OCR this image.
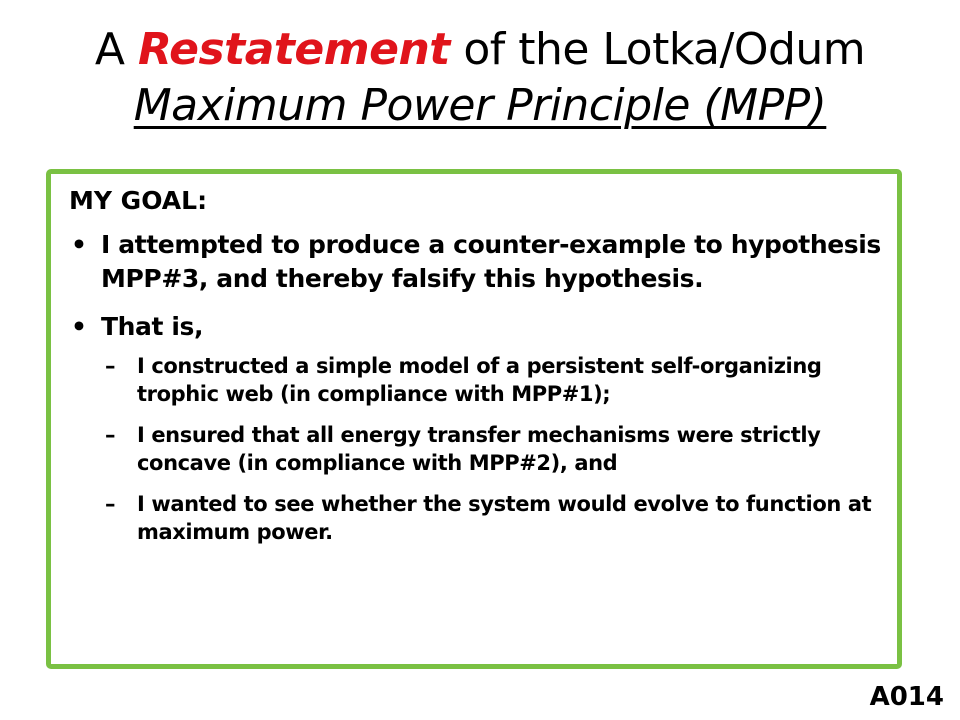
A Restatement of the Lotka/Odum
Maximum Power Principle (MPP)
MY GOAL:
• I attempted to produce a counter-example to hypothesis MPP#3, and thereby falsify this hypothesis.
• That is,
– I constructed a simple model of a persistent self-organizing trophic web (in compliance with MPP#1);
– I ensured that all energy transfer mechanisms were strictly concave (in compliance with MPP#2), and
– I wanted to see whether the system would evolve to function at maximum power.
A014
